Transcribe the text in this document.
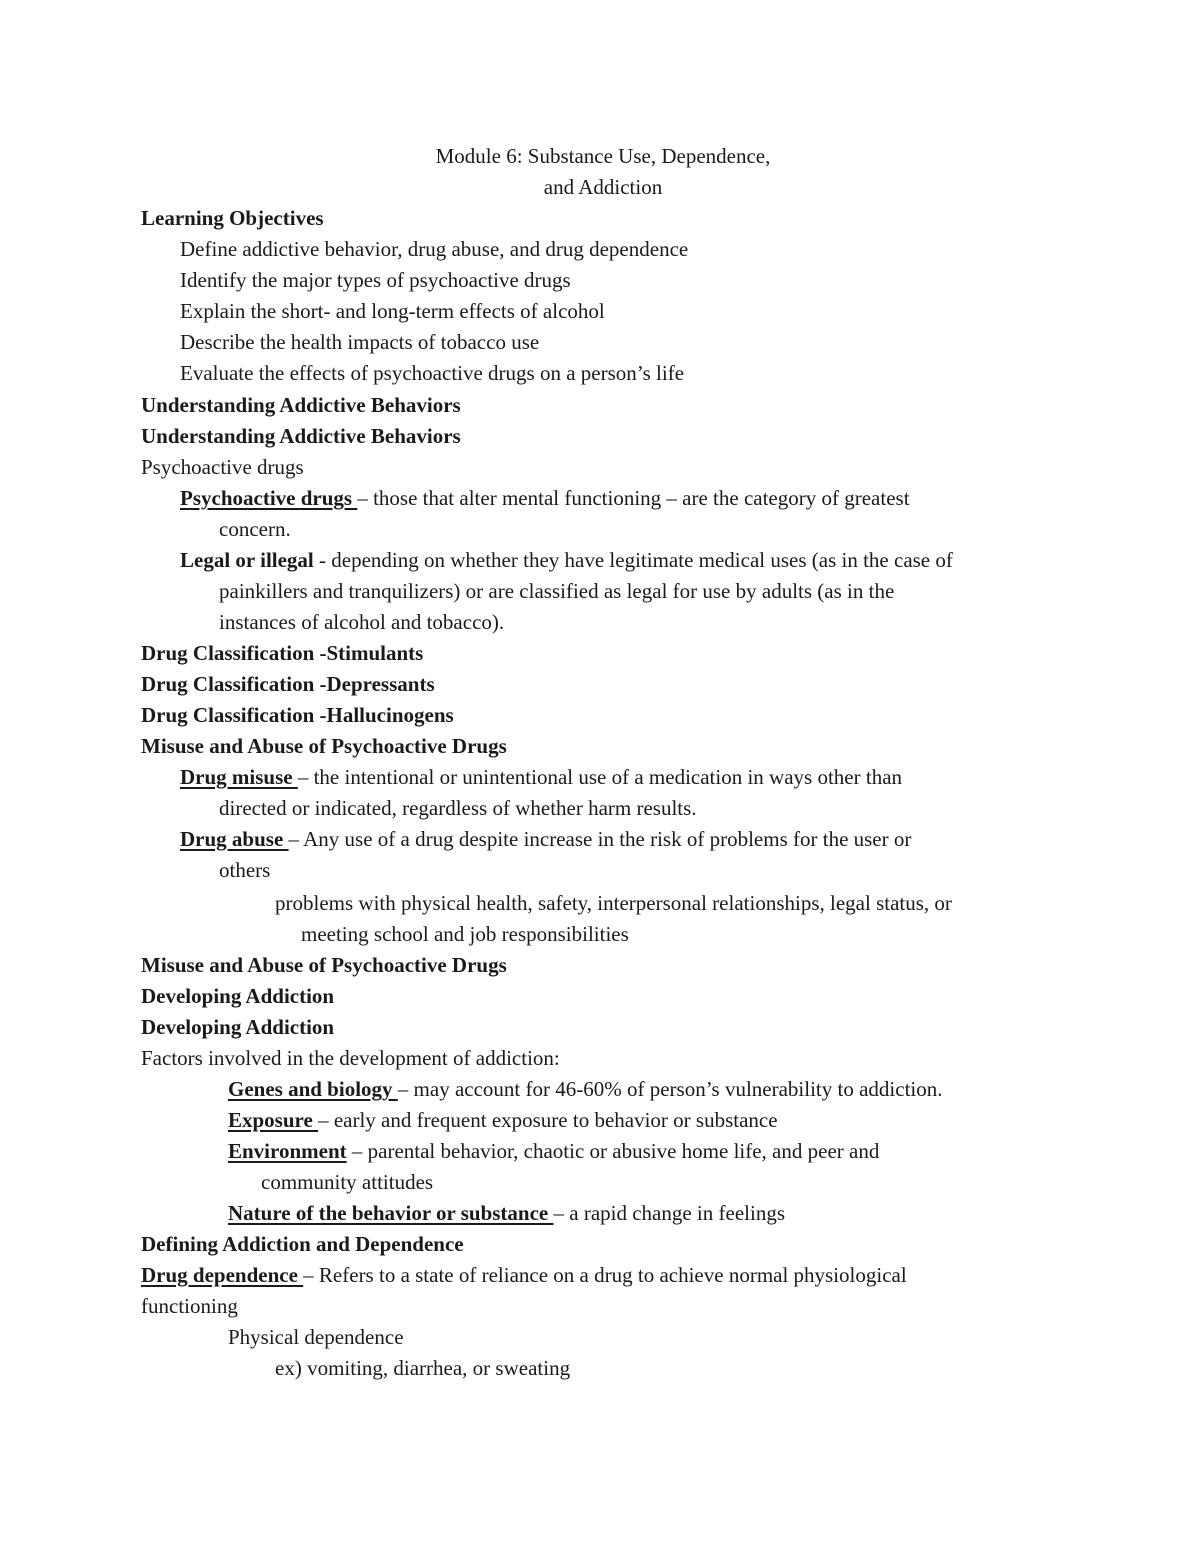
Module 6: Substance Use, Dependence,
and Addiction
Learning Objectives
Define addictive behavior, drug abuse, and drug dependence
Identify the major types of psychoactive drugs
Explain the short- and long-term effects of alcohol
Describe the health impacts of tobacco use
Evaluate the effects of psychoactive drugs on a person’s life
Understanding Addictive Behaviors
Understanding Addictive Behaviors
Psychoactive drugs
Psychoactive drugs – those that alter mental functioning – are the category of greatest
concern.
Legal or illegal - depending on whether they have legitimate medical uses (as in the case of
painkillers and tranquilizers) or are classified as legal for use by adults (as in the
instances of alcohol and tobacco).
Drug Classification -Stimulants
Drug Classification -Depressants
Drug Classification -Hallucinogens
Misuse and Abuse of Psychoactive Drugs
Drug misuse – the intentional or unintentional use of a medication in ways other than
directed or indicated, regardless of whether harm results.
Drug abuse – Any use of a drug despite increase in the risk of problems for the user or
others
problems with physical health, safety, interpersonal relationships, legal status, or
meeting school and job responsibilities
Misuse and Abuse of Psychoactive Drugs
Developing Addiction
Developing Addiction
Factors involved in the development of addiction:
Genes and biology – may account for 46-60% of person’s vulnerability to addiction.
Exposure – early and frequent exposure to behavior or substance
Environment – parental behavior, chaotic or abusive home life, and peer and
community attitudes
Nature of the behavior or substance – a rapid change in feelings
Defining Addiction and Dependence
Drug dependence – Refers to a state of reliance on a drug to achieve normal physiological
functioning
Physical dependence
ex) vomiting, diarrhea, or sweating
